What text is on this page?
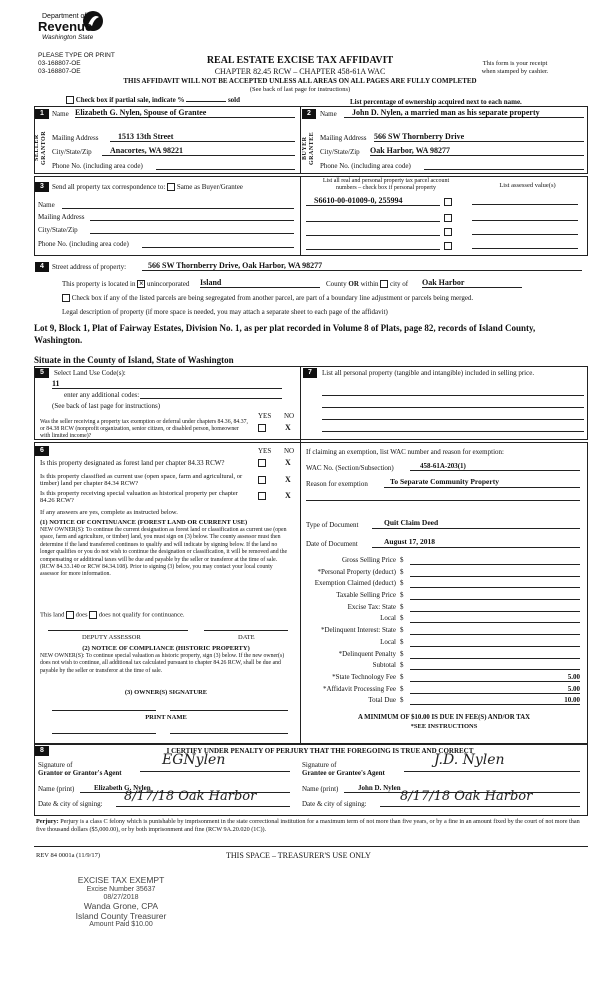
Department of
Revenue
Washington State
PLEASE TYPE OR PRINT
03-168807-OE
03-168807-OE
REAL ESTATE EXCISE TAX AFFIDAVIT
CHAPTER 82.45 RCW – CHAPTER 458-61A WAC
This form is your receipt
when stamped by cashier.
THIS AFFIDAVIT WILL NOT BE ACCEPTED UNLESS ALL AREAS ON ALL PAGES ARE FULLY COMPLETED
(See back of last page for instructions)
Check box if partial sale, indicate %	sold	List percentage of ownership acquired next to each name.
1
SELLER GRANTOR
Name Elizabeth G. Nylen, Spouse of Grantee
Mailing Address	1513 13th Street
City/State/Zip	Anacortes, WA 98221
Phone No. (including area code)
2
BUYER GRANTEE
Name	John D. Nylen, a married man as his separate property
Mailing Address 566 SW Thornberry Drive
City/State/Zip Oak Harbor, WA 98277
Phone No. (including area code)
3	Send all property tax correspondence to: Same as Buyer/Grantee
Name
Mailing Address
City/State/Zip
Phone No. (including area code)
List all real and personal property tax parcel account
numbers – check box if personal property	List assessed value(s)
S6610-00-01009-0, 255994
4	Street address of property:	566 SW Thornberry Drive, Oak Harbor, WA 98277
This property is located in × unincorporated Island	County OR within city of Oak Harbor
Check box if any of the listed parcels are being segregated from another parcel, are part of a boundary line adjustment or parcels being merged.
Legal description of property (if more space is needed, you may attach a separate sheet to each page of the affidavit)
Lot 9, Block 1, Plat of Fairway Estates, Division No. 1, as per plat recorded in Volume 8 of Plats, page 82, records of Island County, Washington.
Situate in the County of Island, State of Washington
5	Select Land Use Code(s):
11
enter any additional codes:
(See back of last page for instructions)
YES NO
Was the seller receiving a property tax exemption or deferral under chapters 84.36, 84.37, or 84.38 RCW (nonprofit organization, senior citizen, or disabled person, homeowner with limited income)?
X
7	List all personal property (tangible and intangible) included in selling price.
6	YES NO
Is this property designated as forest land per chapter 84.33 RCW?	X
Is this property classified as current use (open space, farm and agricultural, or timber) land per chapter 84.34 RCW?	X
Is this property receiving special valuation as historical property per chapter 84.26 RCW?
X
If any answers are yes, complete as instructed below.
(1) NOTICE OF CONTINUANCE (FOREST LAND OR CURRENT USE)
NEW OWNER(S): To continue the current designation as forest land or classification as current use (open space, farm and agriculture, or timber) land, you must sign on (3) below. The county assessor must then determine if the land transferred continues to qualify and will indicate by signing below. If the land no longer qualifies or you do not wish to continue the designation or classification, it will be removed and the compensating or additional taxes will be due and payable by the seller or transferor at the time of sale. (RCW 84.33.140 or RCW 84.34.108). Prior to signing (3) below, you may contact your local county assessor for more information.
This land does does not qualify for continuance.
DEPUTY ASSESSOR	DATE
(2) NOTICE OF COMPLIANCE (HISTORIC PROPERTY)
NEW OWNER(S): To continue special valuation as historic property, sign (3) below. If the new owner(s) does not wish to continue, all additional tax calculated pursuant to chapter 84.26 RCW, shall be due and payable by the seller or transferor at the time of sale.
(3) OWNER(S) SIGNATURE
PRINT NAME
If claiming an exemption, list WAC number and reason for exemption:
WAC No. (Section/Subsection)	458-61A-203(1)
Reason for exemption	To Separate Community Property
Type of Document	Quit Claim Deed
Date of Document	August 17, 2018
Gross Selling Price $
*Personal Property (deduct) $
Exemption Claimed (deduct) $
Taxable Selling Price $
Excise Tax: State $
Local $
*Delinquent Interest: State $
Local $
*Delinquent Penalty $
Subtotal $
*State Technology Fee $	5.00
*Affidavit Processing Fee $	5.00
Total Due $	10.00
A MINIMUM OF $10.00 IS DUE IN FEE(S) AND/OR TAX
*SEE INSTRUCTIONS
8	I CERTIFY UNDER PENALTY OF PERJURY THAT THE FOREGOING IS TRUE AND CORRECT
Signature of
Grantor or Grantor's Agent
EGNylen
Name (print)	Elizabeth G. Nylen
Date & city of signing: 8/17/18 Oak Harbor
Signature of
Grantee or Grantee's Agent
J.D. Nylen
Name (print)	John D. Nylen
Date & city of signing:	8/17/18 Oak Harbor
Perjury: Perjury is a class C felony which is punishable by imprisonment in the state correctional institution for a maximum term of not more than five years, or by a fine in an amount fixed by the court of not more than five thousand dollars ($5,000.00), or by both imprisonment and fine (RCW 9A.20.020 (1C)).
REV 84 0001a (11/9/17)	THIS SPACE – TREASURER'S USE ONLY
EXCISE TAX EXEMPT
Excise Number 35637
08/27/2018
Wanda Grone, CPA
Island County Treasurer
Amount Paid $10.00
